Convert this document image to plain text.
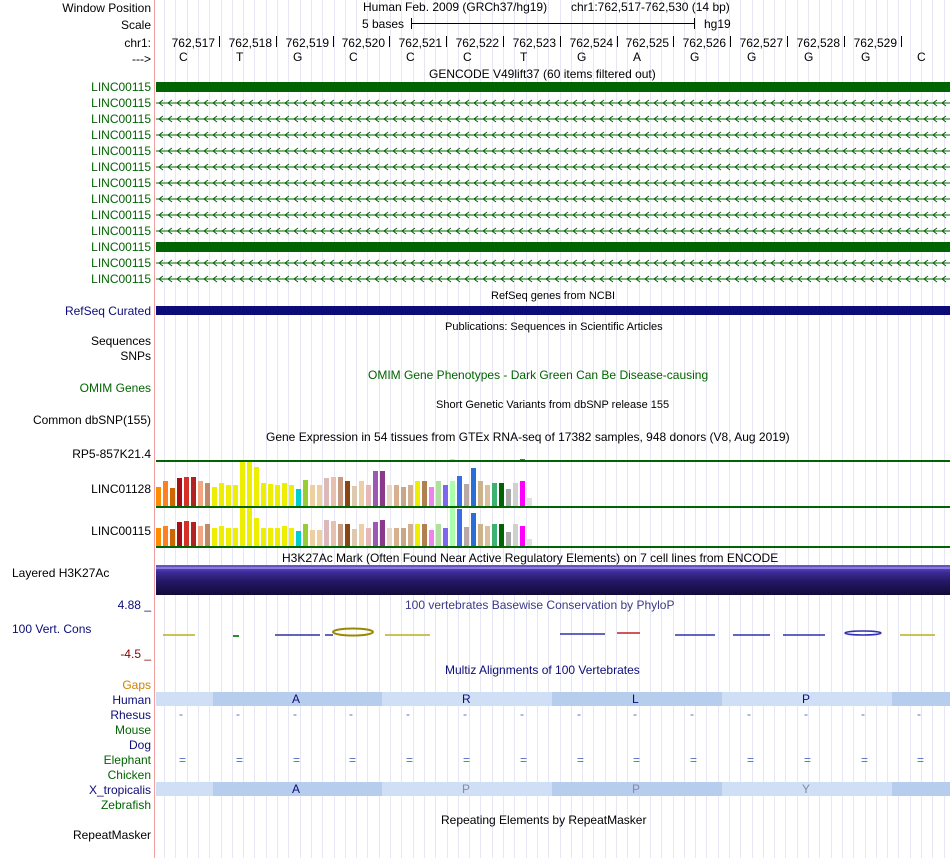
Window Position
Scale
chr1:
--->
LINC00115
LINC00115
LINC00115
LINC00115
LINC00115
LINC00115
LINC00115
LINC00115
LINC00115
LINC00115
LINC00115
LINC00115
LINC00115
RefSeq Curated
Sequences
SNPs
OMIM Genes
Common dbSNP(155)
RP5-857K21.4
LINC01128
LINC00115
Layered H3K27Ac
4.88 _
100 Vert. Cons
-4.5 _
Gaps
Human
Rhesus
Mouse
Dog
Elephant
Chicken
X_tropicalis
Zebrafish
RepeatMasker
Human Feb. 2009 (GRCh37/hg19) chr1:762,517-762,530 (14 bp)
5 bases	hg19
762,517	762,518	762,519	762,520	762,521	762,522	762,523	762,524	762,525	762,526	762,527	762,528	762,529
C	T	G	C	C	C	T	G	A	G	G	G	G	C
GENCODE V49lift37 (60 items filtered out)
RefSeq genes from NCBI
Publications: Sequences in Scientific Articles
OMIM Gene Phenotypes - Dark Green Can Be Disease-causing
Short Genetic Variants from dbSNP release 155
Gene Expression in 54 tissues from GTEx RNA-seq of 17382 samples, 948 donors (V8, Aug 2019)
H3K27Ac Mark (Often Found Near Active Regulatory Elements) on 7 cell lines from ENCODE
100 vertebrates Basewise Conservation by PhyloP
Multiz Alignments of 100 Vertebrates
A	R	L	P
A	P	P	Y
-	-	-	-	-	-	-	-	-	-	-	-	-	-
=	=	=	=	=	=	=	=	=	=	=	=	=	=
Repeating Elements by RepeatMasker
